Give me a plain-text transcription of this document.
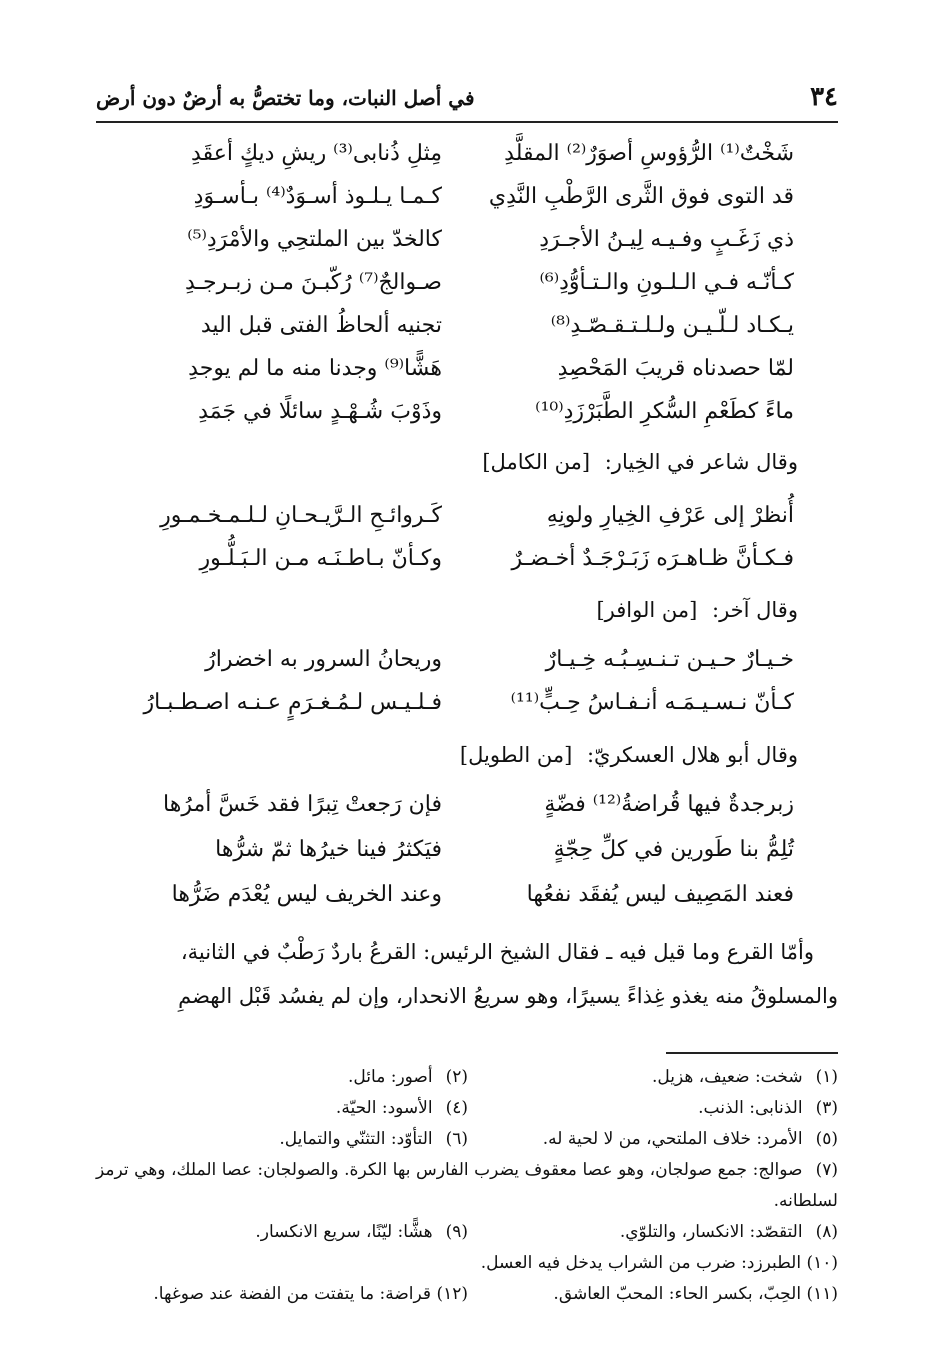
٣٤
في أصل النبات، وما تختصُّ به أرضٌ دون أرض
شَخْتٌ⁽¹⁾ الرُّؤوسِ أصوَرٌ⁽²⁾ المقلَّدِ
مِثلِ ذُنابى⁽³⁾ ريشِ ديكٍ أعقَدِ
قد التوى فوق الثَّرى الرَّطْبِ النَّدِي
كـمـا يـلـوذ أسـوَدٌ⁽⁴⁾ بـأسـوَدِ
ذي زَغَـبٍ وفـيـه لِيـنُ الأجـرَدِ
كالخدّ بين الملتحِي والأمْرَدِ⁽⁵⁾
كـأنّـه فـي الـلـونِ والـتـأوُّدِ⁽⁶⁾
صـوالجٌ⁽⁷⁾ رُكّبـنَ مـن زبـرجـدِ
يـكـاد لـلّـيـن ولـلـتـقـصّـدِ⁽⁸⁾
تجنيه ألحاظُ الفتى قبل اليد
لمّا حصدناه قريبَ المَحْصِدِ
هَشًّا⁽⁹⁾ وجدنا منه ما لم يوجدِ
ماءً كطَعْمِ السُّكرِ الطَّبَرْزَدِ⁽¹⁰⁾
وذَوْبَ شُـهْـدٍ سائلًا في جَمَدِ
وقال شاعر في الخِيار: [من الكامل]
أُنظرْ إلى عَرْفِ الخِيارِ ولونِهِ
كَـروائـحِ الـرَّيـحـانِ لـلـمـخـمـورِ
فـكـأنَّ ظـاهـرَه زَبَـرْجَـدٌ أخـضـرٌ
وكـأنّ بـاطـنَـه مـن الـبَـلُّـورِ
وقال آخر: [من الوافر]
خـيـارٌ حـيـن تـنـسِـبُـه خِـيـارٌ
وريحانُ السرور به اخضرارُ
كـأنّ نـسـيـمَـه أنـفـاسُ حِـبٍّ⁽¹¹⁾
فـلـيـس لـمُـغـرَمٍ عـنـه اصـطـبـارُ
وقال أبو هلال العسكريّ: [من الطويل]
زبرجدةٌ فيها قُراضةُ⁽¹²⁾ فضّةٍ
فإن رَجعتْ تِبرًا فقد خَسَّ أمرُها
تُلِمُّ بنا طَورين في كلِّ حِجّةٍ
فيَكثرُ فينا خيرُها ثمّ شرُّها
فعند المَصِيف ليس يُفقَد نفعُها
وعند الخريف ليس يُعْدَم ضَرُّها

وأمّا القرع وما قيل فيه ـ فقال الشيخ الرئيس: القرعُ باردٌ رَطْبٌ في الثانية،

والمسلوقُ منه يغذو غِذاءً يسيرًا، وهو سريعُ الانحدار، وإن لم يفسُد قَبْل الهضمِ

(١) شخت: ضعيف، هزيل.
(٢) أصور: مائل.
(٣) الذنابى: الذنب.
(٤) الأسود: الحيّة.
(٥) الأمرد: خلاف الملتحي، من لا لحية له.
(٦) التأوّد: التثنّي والتمايل.
(٧) صوالج: جمع صولجان، وهو عصا معقوف يضرب الفارس بها الكرة. والصولجان: عصا الملك، وهي ترمز لسلطانه.
(٨) التقصّد: الانكسار، والتلوّي.
(٩) هشًّا: ليّنًا، سريع الانكسار.
(١٠) الطبرزد: ضرب من الشراب يدخل فيه العسل.
(١١) الحِبّ، بكسر الحاء: المحبّ العاشق.
(١٢) قراضة: ما يتفتت من الفضة عند صوغها.
